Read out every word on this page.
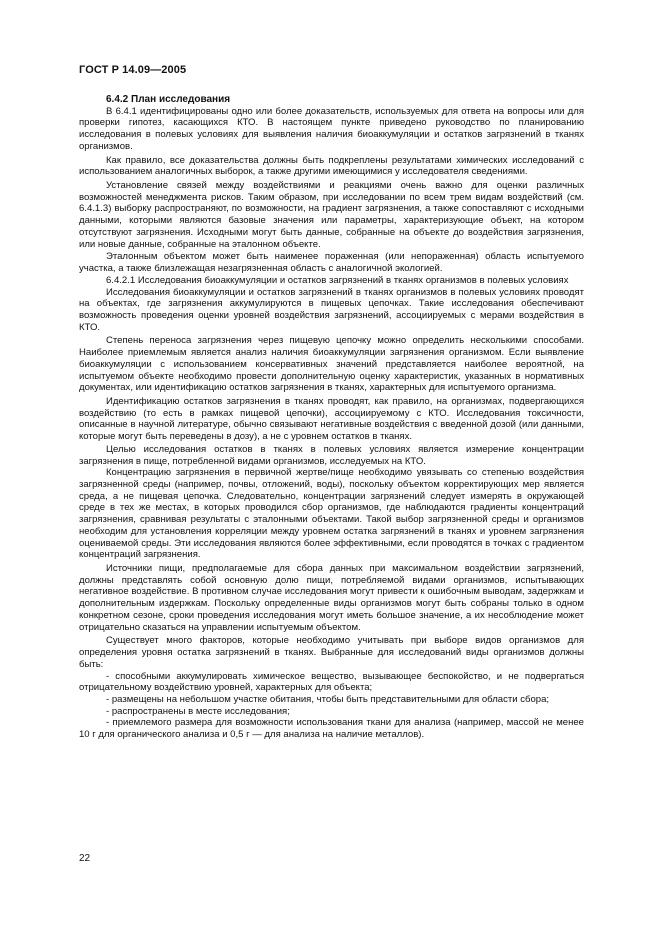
ГОСТ Р 14.09—2005

6.4.2 План исследования

В 6.4.1 идентифицированы одно или более доказательств, используемых для ответа на вопросы или для проверки гипотез, касающихся КТО. В настоящем пункте приведено руководство по планированию исследования в полевых условиях для выявления наличия биоаккумуляции и остатков загрязнений в тканях организмов.

Как правило, все доказательства должны быть подкреплены результатами химических исследований с использованием аналогичных выборок, а также другими имеющимися у исследователя сведениями.

Установление связей между воздействиями и реакциями очень важно для оценки различных возможностей менеджмента рисков. Таким образом, при исследовании по всем трем видам воздействий (см. 6.4.1.3) выборку распространяют, по возможности, на градиент загрязнения, а также сопоставляют с исходными данными, которыми являются базовые значения или параметры, характеризующие объект, на котором отсутствуют загрязнения. Исходными могут быть данные, собранные на объекте до воздействия загрязнения, или новые данные, собранные на эталонном объекте.

Эталонным объектом может быть наименее пораженная (или непораженная) область испытуемого участка, а также близлежащая незагрязненная область с аналогичной экологией.

6.4.2.1 Исследования биоаккумуляции и остатков загрязнений в тканях организмов в полевых условиях

Исследования биоаккумуляции и остатков загрязнений в тканях организмов в полевых условиях проводят на объектах, где загрязнения аккумулируются в пищевых цепочках. Такие исследования обеспечивают возможность проведения оценки уровней воздействия загрязнений, ассоциируемых с мерами воздействия в КТО.

Степень переноса загрязнения через пищевую цепочку можно определить несколькими способами. Наиболее приемлемым является анализ наличия биоаккумуляции загрязнения организмом. Если выявление биоаккумуляции с использованием консервативных значений представляется наиболее вероятной, на испытуемом объекте необходимо провести дополнительную оценку характеристик, указанных в нормативных документах, или идентификацию остатков загрязнения в тканях, характерных для испытуемого организма.

Идентификацию остатков загрязнения в тканях проводят, как правило, на организмах, подвергающихся воздействию (то есть в рамках пищевой цепочки), ассоциируемому с КТО. Исследования токсичности, описанные в научной литературе, обычно связывают негативные воздействия с введенной дозой (или данными, которые могут быть переведены в дозу), а не с уровнем остатков в тканях.

Целью исследования остатков в тканях в полевых условиях является измерение концентрации загрязнения в пище, потребленной видами организмов, исследуемых на КТО.

Концентрацию загрязнения в первичной жертве/пище необходимо увязывать со степенью воздействия загрязненной среды (например, почвы, отложений, воды), поскольку объектом корректирующих мер является среда, а не пищевая цепочка. Следовательно, концентрации загрязнений следует измерять в окружающей среде в тех же местах, в которых проводился сбор организмов, где наблюдаются градиенты концентраций загрязнения, сравнивая результаты с эталонными объектами. Такой выбор загрязненной среды и организмов необходим для установления корреляции между уровнем остатка загрязнений в тканях и уровнем загрязнения оцениваемой среды. Эти исследования являются более эффективными, если проводятся в точках с градиентом концентраций загрязнения.

Источники пищи, предполагаемые для сбора данных при максимальном воздействии загрязнений, должны представлять собой основную долю пищи, потребляемой видами организмов, испытывающих негативное воздействие. В противном случае исследования могут привести к ошибочным выводам, задержкам и дополнительным издержкам. Поскольку определенные виды организмов могут быть собраны только в одном конкретном сезоне, сроки проведения исследования могут иметь большое значение, а их несоблюдение может отрицательно сказаться на управлении испытуемым объектом.

Существует много факторов, которые необходимо учитывать при выборе видов организмов для определения уровня остатка загрязнений в тканях. Выбранные для исследований виды организмов должны быть:

- способными аккумулировать химическое вещество, вызывающее беспокойство, и не подвергаться отрицательному воздействию уровней, характерных для объекта;

- размещены на небольшом участке обитания, чтобы быть представительными для области сбора;

- распространены в месте исследования;

- приемлемого размера для возможности использования ткани для анализа (например, массой не менее 10 г для органического анализа и 0,5 г — для анализа на наличие металлов).

22
